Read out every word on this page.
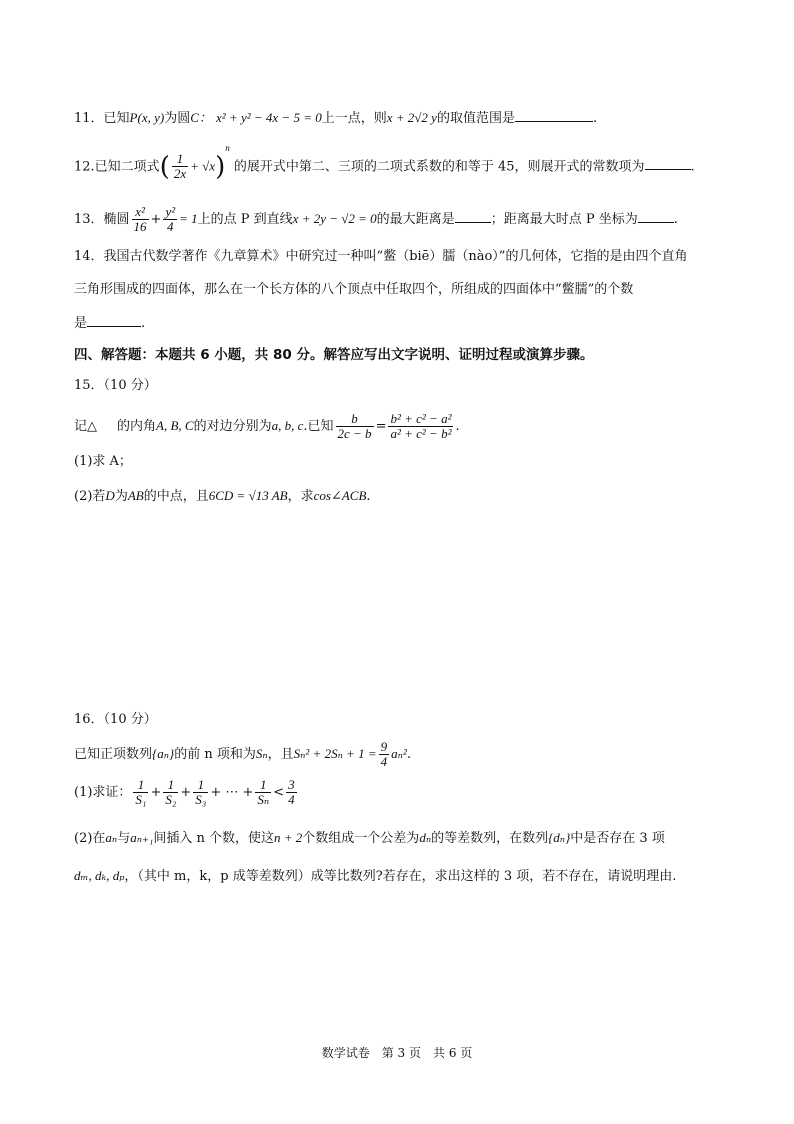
11．已知P(x, y)为圆C： x² + y² − 4x − 5 = 0上一点，则x + 2√2 y的取值范围是	.
12.已知二项式( $\frac{1}{2x} + √x)^n$ 的展开式中第二、三项的二项式系数的和等于 45，则展开式的常数项为	.
13．椭圆 $\frac{\text{x²}}{16} + \frac{\text{y²}}{4} = 1$上的点 P 到直线x + 2y − √2 = 0的最大距离是	；距离最大时点 P 坐标为	.
14．我国古代数学著作《九章算术》中研究过一种叫“鳖（biē）臑（nào）”的几何体，它指的是由四个直角
三角形围成的四面体，那么在一个长方体的八个顶点中任取四个，所组成的四面体中“鳖臑”的个数
是	.
四、解答题：本题共 6 小题，共 80 分。解答应写出文字说明、证明过程或演算步骤。
15．（10 分）
记△ 的内角A, B, C的对边分别为a, b, c.已知 $\frac{b}{2c - b} = \frac{\text{b² + c² − a²}}{\text{a² + c² − b²}}$ .
(1)求 A；
(2)若D为AB的中点，且6CD = √13 AB，求cos∠ACB.
16．（10 分）
已知正项数列{aₙ}的前 n 项和为Sₙ，且$S_n^2 + 2S_n + 1 = \frac{9}{4} a_n^2$.
(1)求证： $\frac{1}{\text{S₁}} + \frac{1}{\text{S₂}} + \frac{1}{\text{S₃}}$ + ⋯ + $\frac{1}{\text{Sₙ}} < \frac{3}{4}$
(2)在aₙ与aₙ₊₁间插入 n 个数，使这n + 2个数组成一个公差为dₙ的等差数列，在数列{dₙ}中是否存在 3 项
dₘ, dₖ, dₚ，（其中 m，k，p 成等差数列）成等比数列?若存在，求出这样的 3 项，若不存在，请说明理由.
数学试卷　第 3 页　共 6 页
